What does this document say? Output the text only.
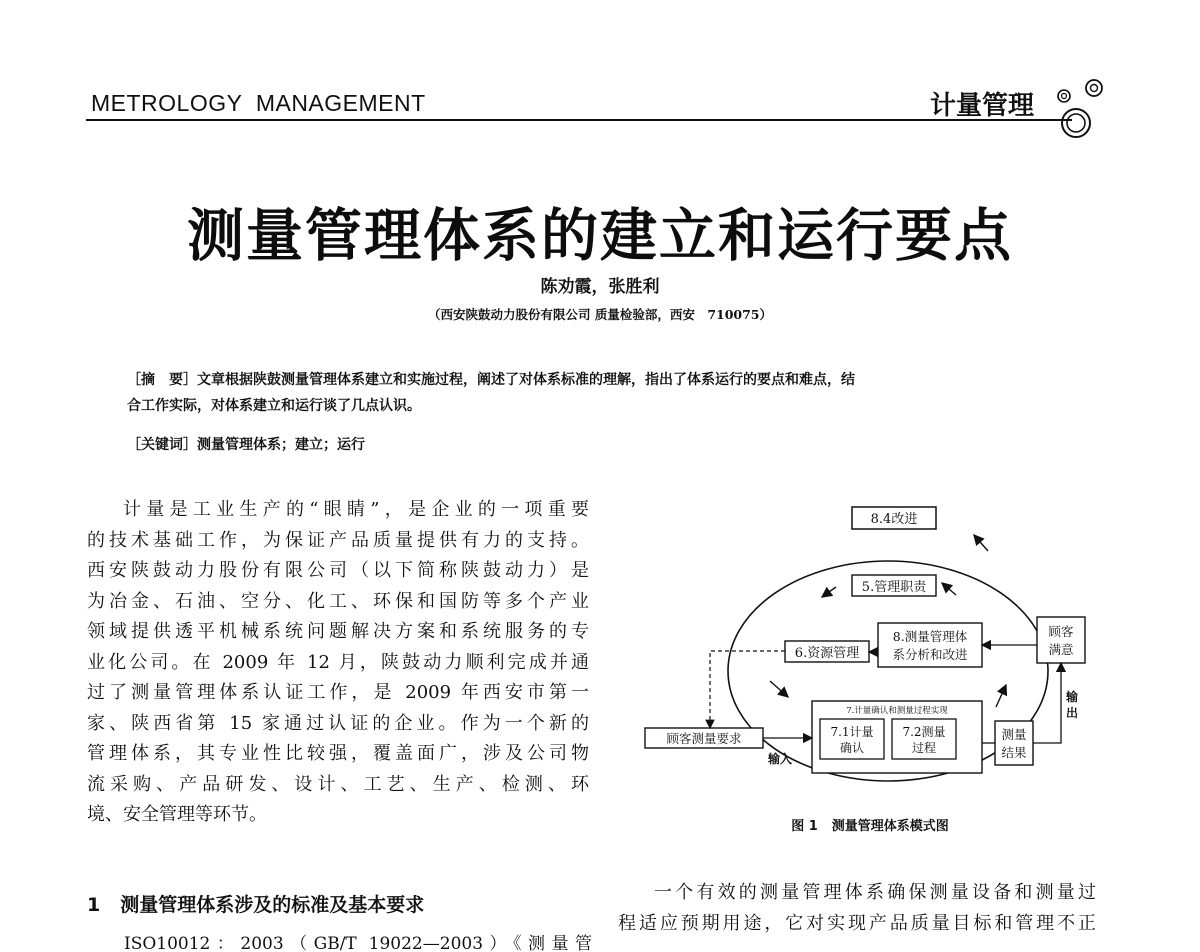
METROLOGY  MANAGEMENT	计量管理
测量管理体系的建立和运行要点
陈劝霞，张胜利
（西安陕鼓动力股份有限公司 质量检验部，西安　710075）

［摘　要］文章根据陕鼓测量管理体系建立和实施过程，阐述了对体系标准的理解，指出了体系运行的要点和难点，结

合工作实际，对体系建立和运行谈了几点认识。

［关键词］测量管理体系；建立；运行

计量是工业生产的“眼睛”，是企业的一项重要

的技术基础工作，为保证产品质量提供有力的支持。

西安陕鼓动力股份有限公司（以下简称陕鼓动力）是

为冶金、石油、空分、化工、环保和国防等多个产业

领域提供透平机械系统问题解决方案和系统服务的专

业化公司。在 2009 年 12 月，陕鼓动力顺利完成并通

过了测量管理体系认证工作，是 2009 年西安市第一

家、陕西省第 15 家通过认证的企业。作为一个新的

管理体系，其专业性比较强，覆盖面广，涉及公司物

流采购、产品研发、设计、工艺、生产、检测、环

境、安全管理等环节。

1 测量管理体系涉及的标准及基本要求
ISO10012：2003（GB/T 19022—2003）《测量管
8.4改进
5.管理职责
6.资源管理
8.测量管理体
系分析和改进
7.计量确认和测量过程实现
7.1计量
确认
7.2测量
过程
顾客测量要求
输入
测量
结果
顾客
满意
输
出
图 1 测量管理体系模式图

一个有效的测量管理体系确保测量设备和测量过

程适应预期用途，它对实现产品质量目标和管理不正
